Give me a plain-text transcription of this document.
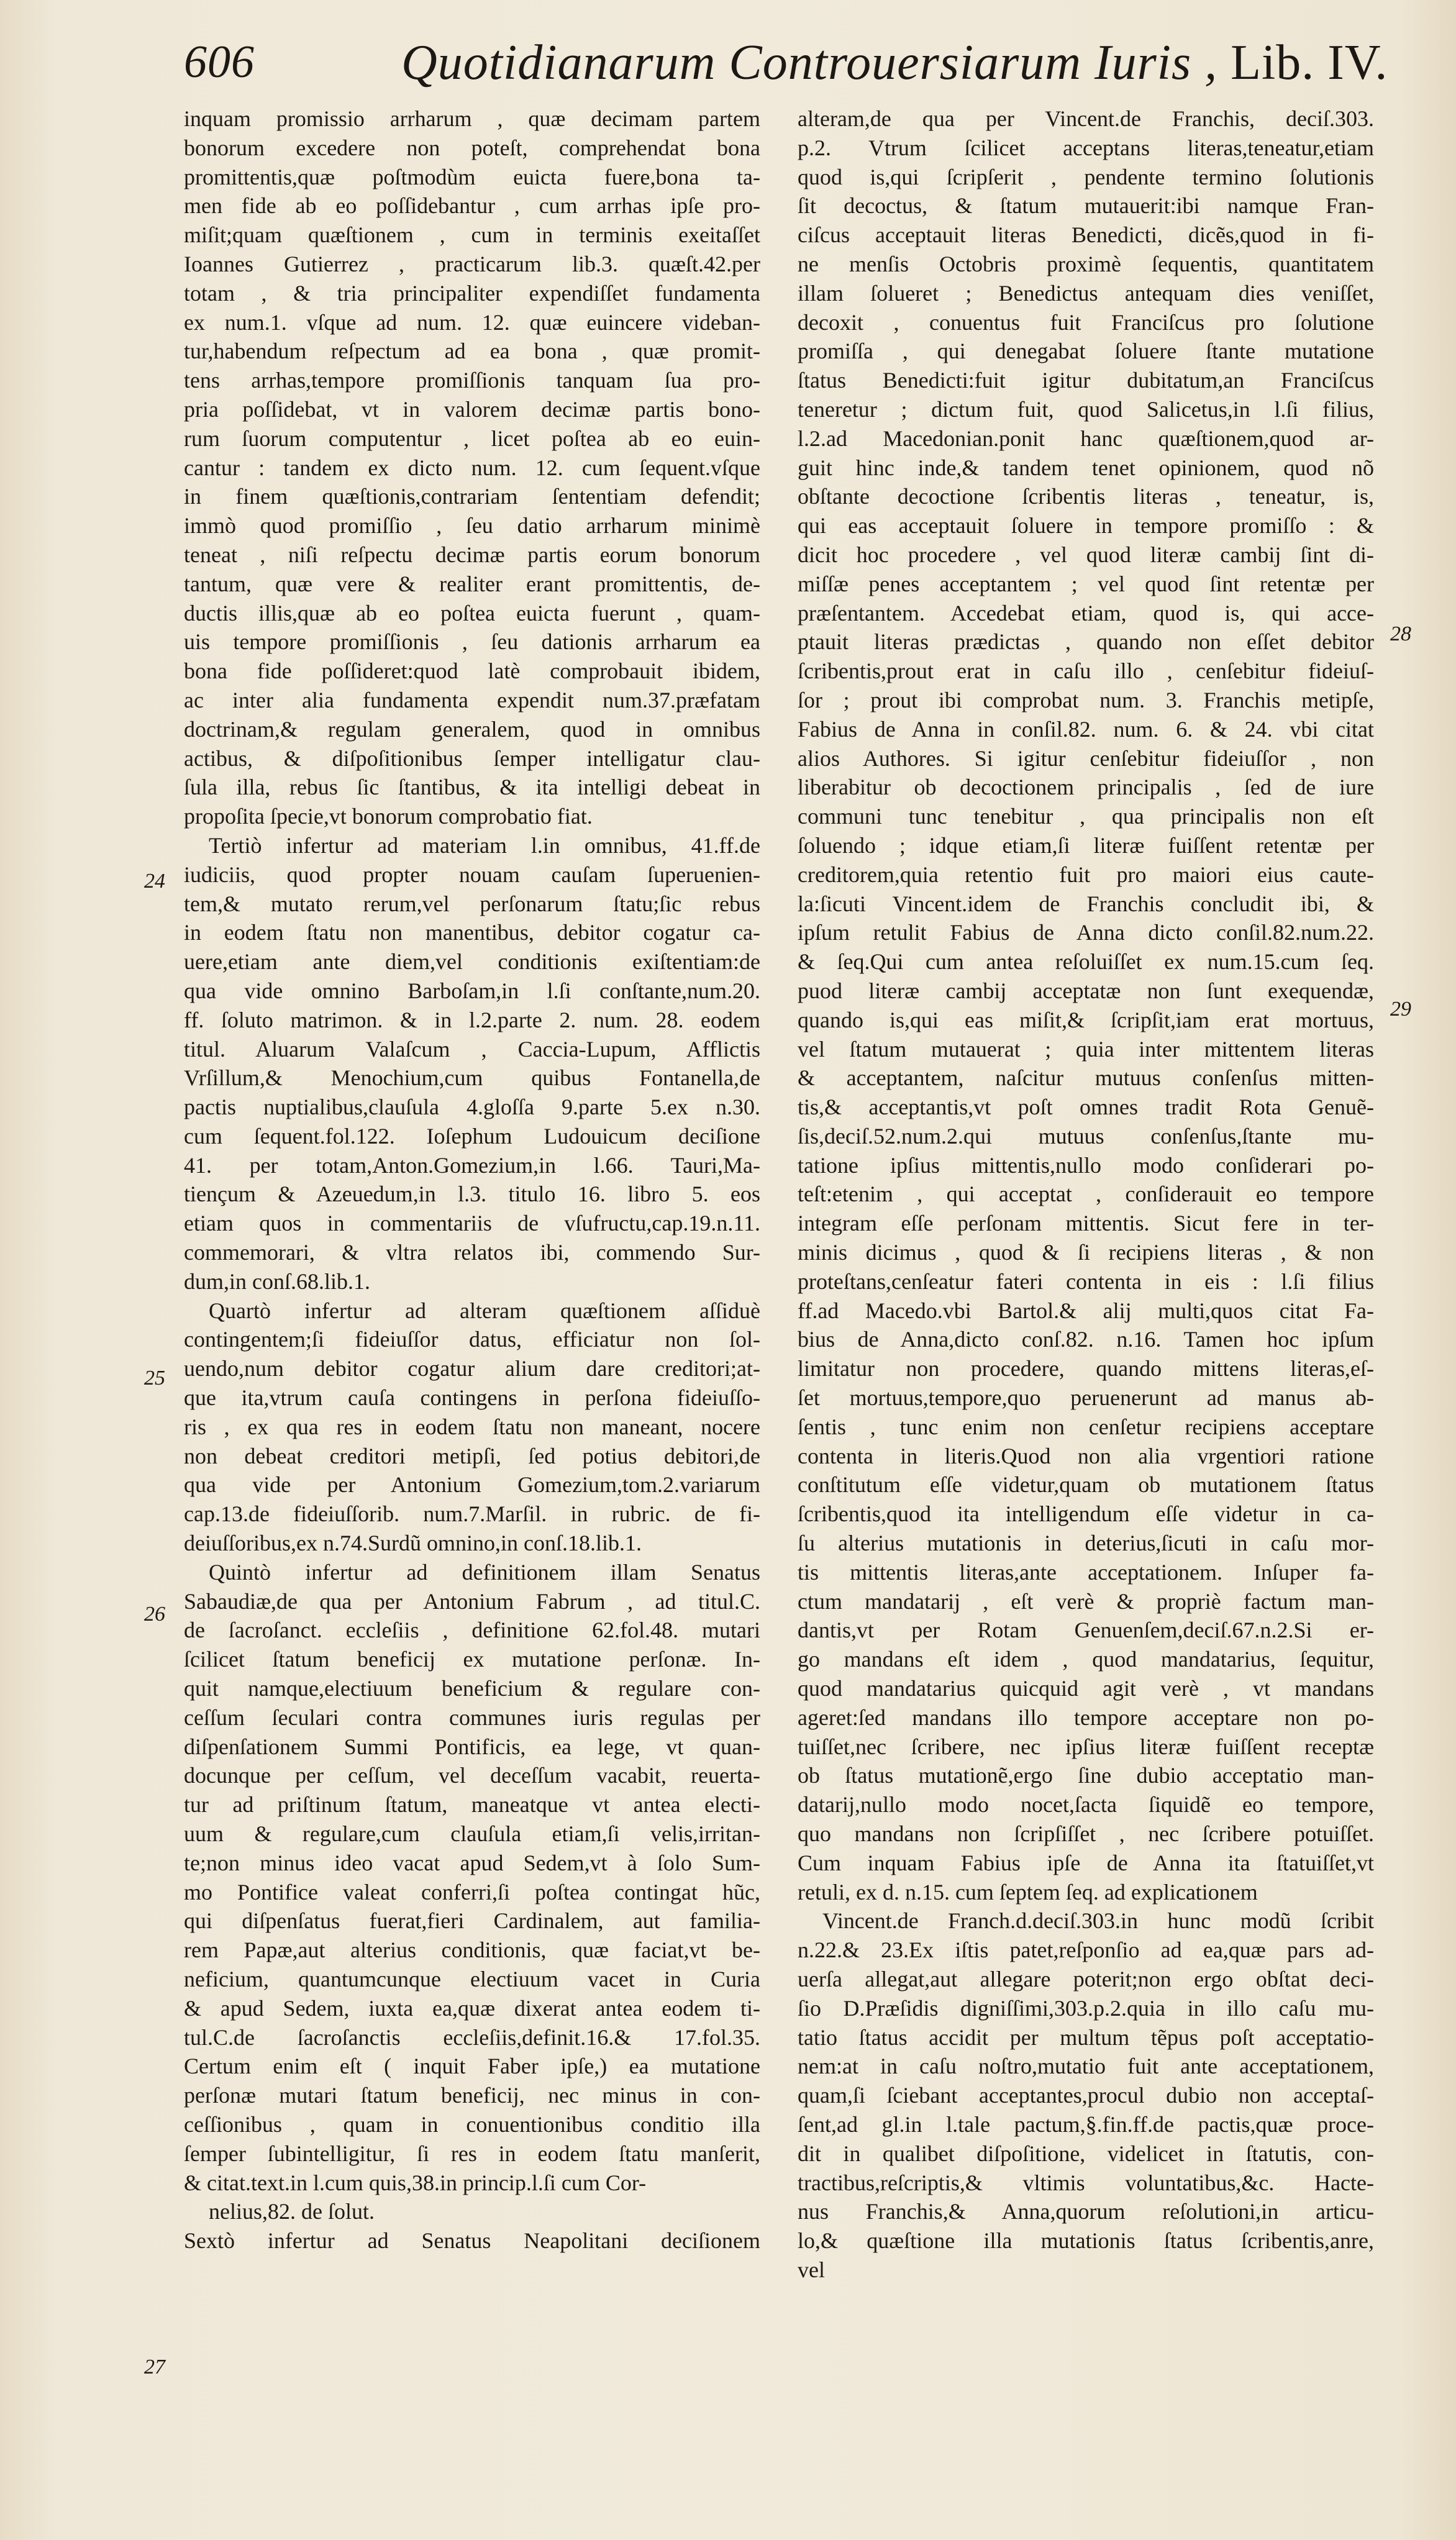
606	Quotidianarum Controuersiarum Iuris , Lib. IV.
inquam promissio arrharum , quæ decimam partem
bonorum excedere non poteſt, comprehendat bona
promittentis,quæ poſtmodùm euicta fuere,bona ta-
men fide ab eo poſſidebantur , cum arrhas ipſe pro-
miſit;quam quæſtionem , cum in terminis exeitaſſet
Ioannes Gutierrez , practicarum lib.3. quæſt.42.per
totam , & tria principaliter expendiſſet fundamenta
ex num.1. vſque ad num. 12. quæ euincere videban-
tur,habendum reſpectum ad ea bona , quæ promit-
tens arrhas,tempore promiſſionis tanquam ſua pro-
pria poſſidebat, vt in valorem decimæ partis bono-
rum ſuorum computentur , licet poſtea ab eo euin-
cantur : tandem ex dicto num. 12. cum ſequent.vſque
in finem quæſtionis,contrariam ſententiam defendit;
immò quod promiſſio , ſeu datio arrharum minimè
teneat , niſi reſpectu decimæ partis eorum bonorum
tantum, quæ vere & realiter erant promittentis, de-
ductis illis,quæ ab eo poſtea euicta fuerunt , quam-
uis tempore promiſſionis , ſeu dationis arrharum ea
bona fide poſſideret:quod latè comprobauit ibidem,
ac inter alia fundamenta expendit num.37.præfatam
doctrinam,& regulam generalem, quod in omnibus
actibus, & diſpoſitionibus ſemper intelligatur clau-
ſula illa, rebus ſic ſtantibus, & ita intelligi debeat in
propoſita ſpecie,vt bonorum comprobatio fiat.
Tertiò infertur ad materiam l.in omnibus, 41.ff.de
iudiciis, quod propter nouam cauſam ſuperuenien-
tem,& mutato rerum,vel perſonarum ſtatu;ſic rebus
in eodem ſtatu non manentibus, debitor cogatur ca-
uere,etiam ante diem,vel conditionis exiſtentiam:de
qua vide omnino Barboſam,in l.ſi conſtante,num.20.
ff. ſoluto matrimon. & in l.2.parte 2. num. 28. eodem
titul. Aluarum Valaſcum , Caccia-Lupum, Afflictis
Vrſillum,& Menochium,cum quibus Fontanella,de
pactis nuptialibus,clauſula 4.gloſſa 9.parte 5.ex n.30.
cum ſequent.fol.122. Ioſephum Ludouicum deciſione
41. per totam,Anton.Gomezium,in l.66. Tauri,Ma-
tiençum & Azeuedum,in l.3. titulo 16. libro 5. eos
etiam quos in commentariis de vſufructu,cap.19.n.11.
commemorari, & vltra relatos ibi, commendo Sur-
dum,in conſ.68.lib.1.
Quartò infertur ad alteram quæſtionem aſſiduè
contingentem;ſi fideiuſſor datus, efficiatur non ſol-
uendo,num debitor cogatur alium dare creditori;at-
que ita,vtrum cauſa contingens in perſona fideiuſſo-
ris , ex qua res in eodem ſtatu non maneant, nocere
non debeat creditori metipſi, ſed potius debitori,de
qua vide per Antonium Gomezium,tom.2.variarum
cap.13.de fideiuſſorib. num.7.Marſil. in rubric. de fi-
deiuſſoribus,ex n.74.Surdũ omnino,in conſ.18.lib.1.
Quintò infertur ad definitionem illam Senatus
Sabaudiæ,de qua per Antonium Fabrum , ad titul.C.
de ſacroſanct. eccleſiis , definitione 62.fol.48. mutari
ſcilicet ſtatum beneficij ex mutatione perſonæ. In-
quit namque,electiuum beneficium & regulare con-
ceſſum ſeculari contra communes iuris regulas per
diſpenſationem Summi Pontificis, ea lege, vt quan-
docunque per ceſſum, vel deceſſum vacabit, reuerta-
tur ad priſtinum ſtatum, maneatque vt antea electi-
uum & regulare,cum clauſula etiam,ſi velis,irritan-
te;non minus ideo vacat apud Sedem,vt à ſolo Sum-
mo Pontifice valeat conferri,ſi poſtea contingat hũc,
qui diſpenſatus fuerat,fieri Cardinalem, aut familia-
rem Papæ,aut alterius conditionis, quæ faciat,vt be-
neficium, quantumcunque electiuum vacet in Curia
& apud Sedem, iuxta ea,quæ dixerat antea eodem ti-
tul.C.de ſacroſanctis eccleſiis,definit.16.& 17.fol.35.
Certum enim eſt ( inquit Faber ipſe,) ea mutatione
perſonæ mutari ſtatum beneficij, nec minus in con-
ceſſionibus , quam in conuentionibus conditio illa
ſemper ſubintelligitur, ſi res in eodem ſtatu manſerit,
& citat.text.in l.cum quis,38.in princip.l.ſi cum Cor-
nelius,82. de ſolut.
Sextò infertur ad Senatus Neapolitani deciſionem
alteram,de qua per Vincent.de Franchis, deciſ.303.
p.2. Vtrum ſcilicet acceptans literas,teneatur,etiam
quod is,qui ſcripſerit , pendente termino ſolutionis
ſit decoctus, & ſtatum mutauerit:ibi namque Fran-
ciſcus acceptauit literas Benedicti, dicẽs,quod in fi-
ne menſis Octobris proximè ſequentis, quantitatem
illam ſolueret ; Benedictus antequam dies veniſſet,
decoxit , conuentus fuit Franciſcus pro ſolutione
promiſſa , qui denegabat ſoluere ſtante mutatione
ſtatus Benedicti:fuit igitur dubitatum,an Franciſcus
teneretur ; dictum fuit, quod Salicetus,in l.ſi filius,
l.2.ad Macedonian.ponit hanc quæſtionem,quod ar-
guit hinc inde,& tandem tenet opinionem, quod nõ
obſtante decoctione ſcribentis literas , teneatur, is,
qui eas acceptauit ſoluere in tempore promiſſo : &
dicit hoc procedere , vel quod literæ cambij ſint di-
miſſæ penes acceptantem ; vel quod ſint retentæ per
præſentantem. Accedebat etiam, quod is, qui acce-
ptauit literas prædictas , quando non eſſet debitor
ſcribentis,prout erat in caſu illo , cenſebitur fideiuſ-
ſor ; prout ibi comprobat num. 3. Franchis metipſe,
Fabius de Anna in conſil.82. num. 6. & 24. vbi citat
alios Authores. Si igitur cenſebitur fideiuſſor , non
liberabitur ob decoctionem principalis , ſed de iure
communi tunc tenebitur , qua principalis non eſt
ſoluendo ; idque etiam,ſi literæ fuiſſent retentæ per
creditorem,quia retentio fuit pro maiori eius caute-
la:ſicuti Vincent.idem de Franchis concludit ibi, &
ipſum retulit Fabius de Anna dicto conſil.82.num.22.
& ſeq.Qui cum antea reſoluiſſet ex num.15.cum ſeq.
puod literæ cambij acceptatæ non ſunt exequendæ,
quando is,qui eas miſit,& ſcripſit,iam erat mortuus,
vel ſtatum mutauerat ; quia inter mittentem literas
& acceptantem, naſcitur mutuus conſenſus mitten-
tis,& acceptantis,vt poſt omnes tradit Rota Genuẽ-
ſis,deciſ.52.num.2.qui mutuus conſenſus,ſtante mu-
tatione ipſius mittentis,nullo modo conſiderari po-
teſt:etenim , qui acceptat , conſiderauit eo tempore
integram eſſe perſonam mittentis. Sicut fere in ter-
minis dicimus , quod & ſi recipiens literas , & non
proteſtans,cenſeatur fateri contenta in eis : l.ſi filius
ff.ad Macedo.vbi Bartol.& alij multi,quos citat Fa-
bius de Anna,dicto conſ.82. n.16. Tamen hoc ipſum
limitatur non procedere, quando mittens literas,eſ-
ſet mortuus,tempore,quo peruenerunt ad manus ab-
ſentis , tunc enim non cenſetur recipiens acceptare
contenta in literis.Quod non alia vrgentiori ratione
conſtitutum eſſe videtur,quam ob mutationem ſtatus
ſcribentis,quod ita intelligendum eſſe videtur in ca-
ſu alterius mutationis in deterius,ſicuti in caſu mor-
tis mittentis literas,ante acceptationem. Inſuper fa-
ctum mandatarij , eſt verè & propriè factum man-
dantis,vt per Rotam Genuenſem,deciſ.67.n.2.Si er-
go mandans eſt idem , quod mandatarius, ſequitur,
quod mandatarius quicquid agit verè , vt mandans
ageret:ſed mandans illo tempore acceptare non po-
tuiſſet,nec ſcribere, nec ipſius literæ fuiſſent receptæ
ob ſtatus mutationẽ,ergo ſine dubio acceptatio man-
datarij,nullo modo nocet,ſacta ſiquidẽ eo tempore,
quo mandans non ſcripſiſſet , nec ſcribere potuiſſet.
Cum inquam Fabius ipſe de Anna ita ſtatuiſſet,vt
retuli, ex d. n.15. cum ſeptem ſeq. ad explicationem
Vincent.de Franch.d.deciſ.303.in hunc modũ ſcribit
n.22.& 23.Ex iſtis patet,reſponſio ad ea,quæ pars ad-
uerſa allegat,aut allegare poterit;non ergo obſtat deci-
ſio D.Præſidis digniſſimi,303.p.2.quia in illo caſu mu-
tatio ſtatus accidit per multum tẽpus poſt acceptatio-
nem:at in caſu noſtro,mutatio fuit ante acceptationem,
quam,ſi ſciebant acceptantes,procul dubio non acceptaſ-
ſent,ad gl.in l.tale pactum,§.fin.ff.de pactis,quæ proce-
dit in qualibet diſpoſitione, videlicet in ſtatutis, con-
tractibus,reſcriptis,& vltimis voluntatibus,&c. Hacte-
nus Franchis,& Anna,quorum reſolutioni,in articu-
lo,& quæſtione illa mutationis ſtatus ſcribentis,anre,
vel
24
25
26
27
28
29
